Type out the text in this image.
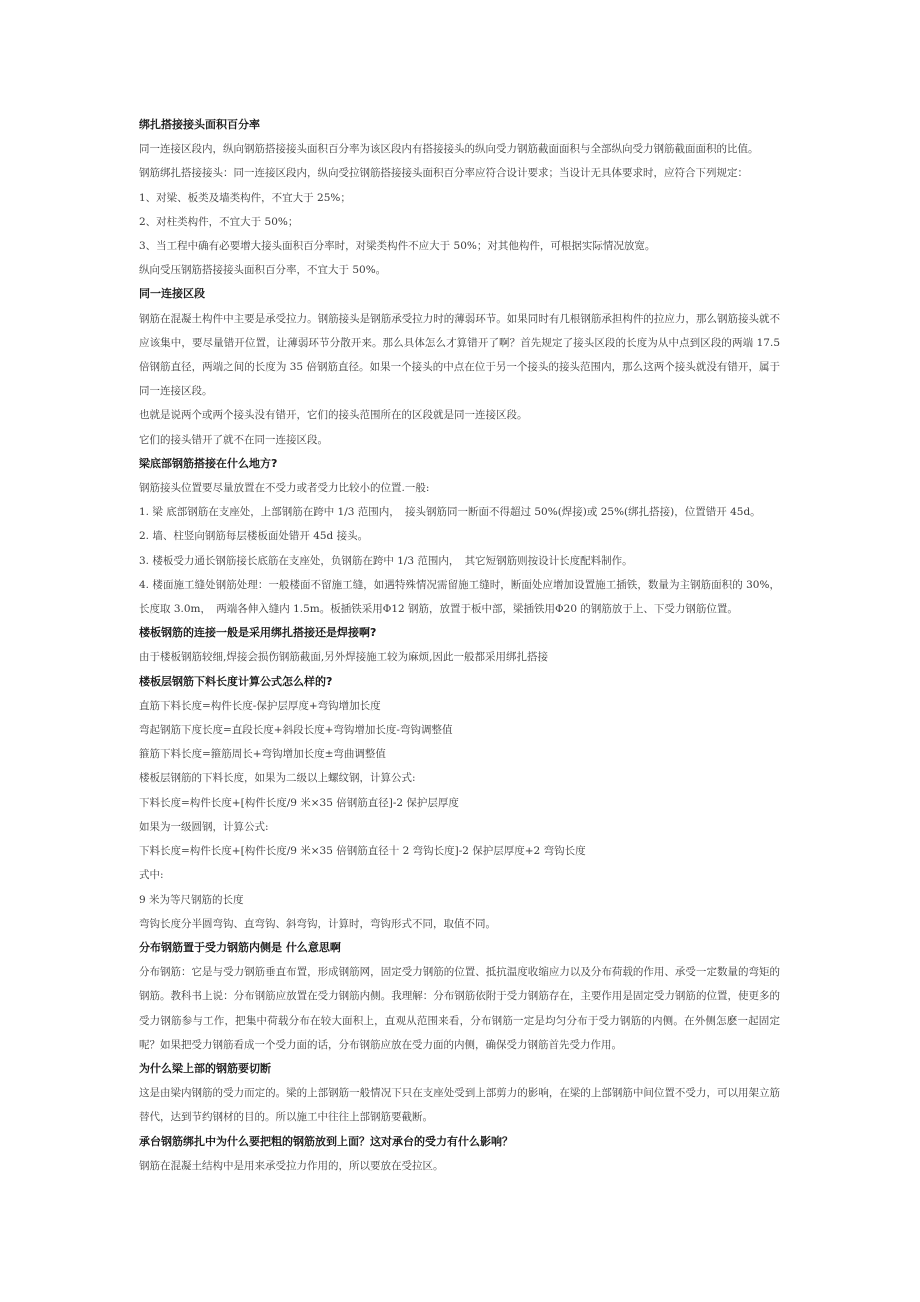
绑扎搭接接头面积百分率

同一连接区段内，纵向钢筋搭接接头面积百分率为该区段内有搭接接头的纵向受力钢筋截面面积与全部纵向受力钢筋截面面积的比值。

钢筋绑扎搭接接头：同一连接区段内，纵向受拉钢筋搭接接头面积百分率应符合设计要求；当设计无具体要求时，应符合下列规定：

1、对梁、板类及墙类构件，不宜大于 25%；

2、对柱类构件，不宜大于 50%；

3、当工程中确有必要增大接头面积百分率时，对梁类构件不应大于 50%；对其他构件，可根据实际情况放宽。

纵向受压钢筋搭接接头面积百分率，不宜大于 50%。

同一连接区段

钢筋在混凝土构件中主要是承受拉力。钢筋接头是钢筋承受拉力时的薄弱环节。如果同时有几根钢筋承担构件的拉应力，那么钢筋接头就不应该集中，要尽量错开位置，让薄弱环节分散开来。那么具体怎么才算错开了啊？首先规定了接头区段的长度为从中点到区段的两端 17.5 倍钢筋直径，两端之间的长度为 35 倍钢筋直径。如果一个接头的中点在位于另一个接头的接头范围内，那么这两个接头就没有错开，属于同一连接区段。

也就是说两个或两个接头没有错开，它们的接头范围所在的区段就是同一连接区段。

它们的接头错开了就不在同一连接区段。

梁底部钢筋搭接在什么地方?

钢筋接头位置要尽量放置在不受力或者受力比较小的位置.一般:

1. 梁 底部钢筋在支座处，上部钢筋在跨中 1/3 范围内，　接头钢筋同一断面不得超过 50%(焊接)或 25%(绑扎搭接)，位置错开 45d。

2. 墙、柱竖向钢筋每层楼板面处错开 45d 接头。

3. 楼板受力通长钢筋接长底筋在支座处，负钢筋在跨中 1/3 范围内，　其它短钢筋则按设计长度配料制作。

4. 楼面施工缝处钢筋处理：一般楼面不留施工缝，如遇特殊情况需留施工缝时，断面处应增加设置施工插铁，数量为主钢筋面积的 30%，长度取 3.0m，　两端各伸入缝内 1.5m。板插铁采用Φ12 钢筋，放置于板中部，梁插铁用Φ20 的钢筋放于上、下受力钢筋位置。

楼板钢筋的连接一般是采用绑扎搭接还是焊接啊?

由于楼板钢筋较细,焊接会损伤钢筋截面,另外焊接施工较为麻烦,因此一般都采用绑扎搭接

楼板层钢筋下料长度计算公式怎么样的?

直筋下料长度=构件长度-保护层厚度+弯钩增加长度

弯起钢筋下度长度=直段长度+斜段长度+弯钩增加长度-弯钩调整值

箍筋下料长度=箍筋周长+弯钩增加长度±弯曲调整值

楼板层钢筋的下料长度，如果为二级以上螺纹钢，计算公式:

下料长度=构件长度+[构件长度/9 米×35 倍钢筋直径]-2 保护层厚度

如果为一级圆钢，计算公式:

下料长度=构件长度+[构件长度/9 米×35 倍钢筋直径十 2 弯钩长度]-2 保护层厚度+2 弯钩长度

式中:

9 米为等尺钢筋的长度

弯钩长度分半圆弯钩、直弯钩、斜弯钩，计算时，弯钩形式不同，取值不同。

分布钢筋置于受力钢筋内侧是 什么意思啊

分布钢筋：它是与受力钢筋垂直布置，形成钢筋网，固定受力钢筋的位置、抵抗温度收缩应力以及分布荷载的作用、承受一定数量的弯矩的钢筋。教科书上说：分布钢筋应放置在受力钢筋内侧。我理解：分布钢筋依附于受力钢筋存在，主要作用是固定受力钢筋的位置，使更多的受力钢筋参与工作，把集中荷载分布在较大面积上，直观从范围来看，分布钢筋一定是均匀分布于受力钢筋的内侧。在外侧怎麽一起固定呢？如果把受力钢筋看成一个受力面的话，分布钢筋应放在受力面的内侧，确保受力钢筋首先受力作用。

为什么梁上部的钢筋要切断

这是由梁内钢筋的受力而定的。梁的上部钢筋一般情况下只在支座处受到上部剪力的影响，在梁的上部钢筋中间位置不受力，可以用架立筋替代，达到节约钢材的目的。所以施工中往往上部钢筋要截断。

承台钢筋绑扎中为什么要把粗的钢筋放到上面？这对承台的受力有什么影响？

钢筋在混凝土结构中是用来承受拉力作用的，所以要放在受拉区。
